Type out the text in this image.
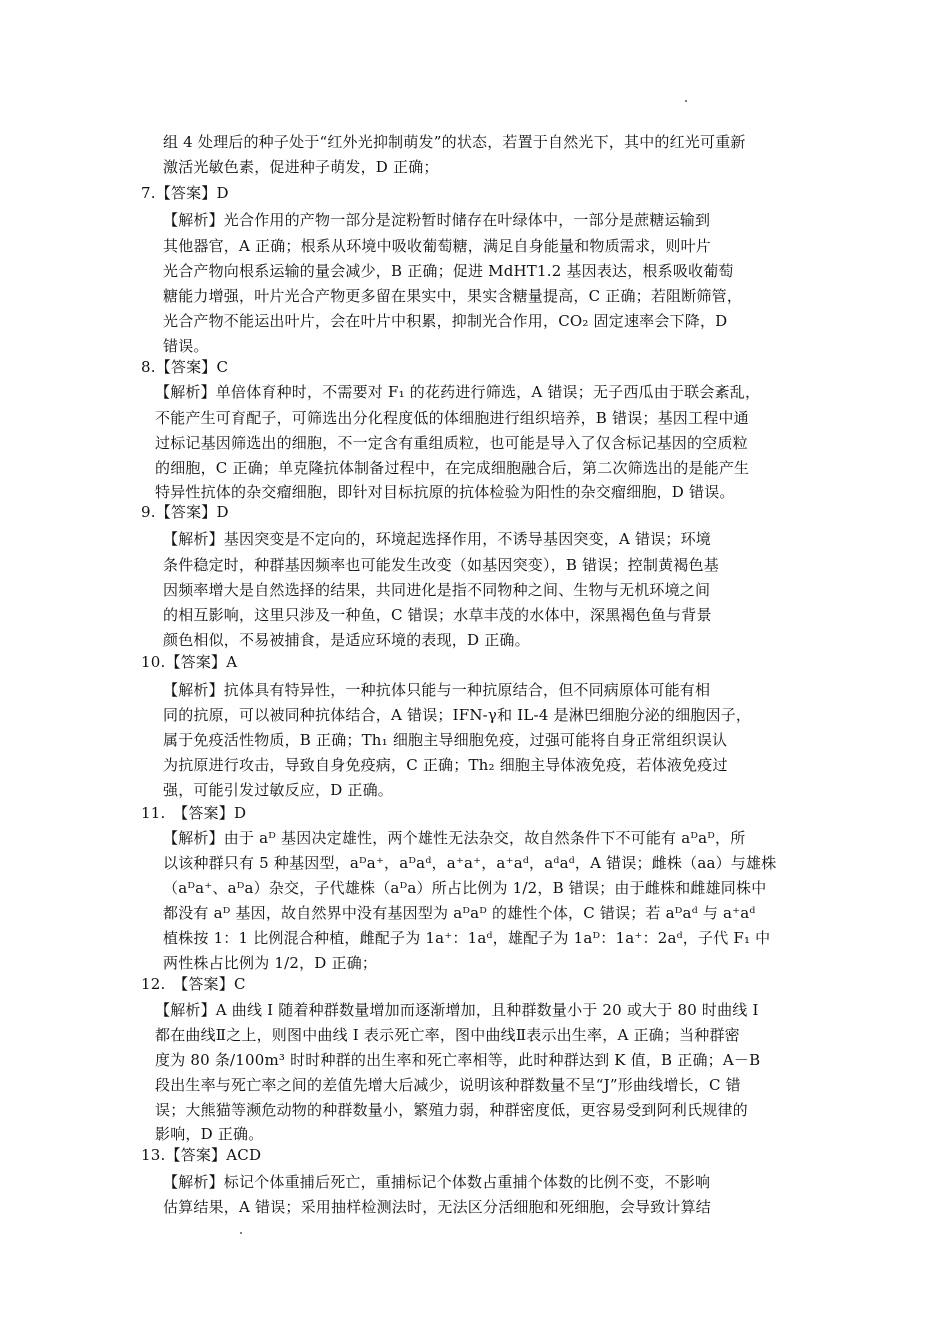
组 4 处理后的种子处于“红外光抑制萌发”的状态，若置于自然光下，其中的红光可重新
激活光敏色素，促进种子萌发，D 正确；
7.【答案】D
【解析】光合作用的产物一部分是淀粉暂时储存在叶绿体中，一部分是蔗糖运输到
其他器官，A 正确；根系从环境中吸收葡萄糖，满足自身能量和物质需求，则叶片
光合产物向根系运输的量会减少，B 正确；促进 MdHT1.2 基因表达，根系吸收葡萄
糖能力增强，叶片光合产物更多留在果实中，果实含糖量提高，C 正确；若阻断筛管，
光合产物不能运出叶片，会在叶片中积累，抑制光合作用，CO₂ 固定速率会下降，D
错误。
8.【答案】C
【解析】单倍体育种时，不需要对 F₁ 的花药进行筛选，A 错误；无子西瓜由于联会紊乱，
不能产生可育配子，可筛选出分化程度低的体细胞进行组织培养，B 错误；基因工程中通
过标记基因筛选出的细胞，不一定含有重组质粒，也可能是导入了仅含标记基因的空质粒
的细胞，C 正确；单克隆抗体制备过程中，在完成细胞融合后，第二次筛选出的是能产生
特异性抗体的杂交瘤细胞，即针对目标抗原的抗体检验为阳性的杂交瘤细胞，D 错误。
9.【答案】D
【解析】基因突变是不定向的，环境起选择作用，不诱导基因突变，A 错误；环境
条件稳定时，种群基因频率也可能发生改变（如基因突变），B 错误；控制黄褐色基
因频率增大是自然选择的结果，共同进化是指不同物种之间、生物与无机环境之间
的相互影响，这里只涉及一种鱼，C 错误；水草丰茂的水体中，深黑褐色鱼与背景
颜色相似，不易被捕食，是适应环境的表现，D 正确。
10.【答案】A
【解析】抗体具有特异性，一种抗体只能与一种抗原结合，但不同病原体可能有相
同的抗原，可以被同种抗体结合，A 错误；IFN-γ和 IL-4 是淋巴细胞分泌的细胞因子，
属于免疫活性物质，B 正确；Th₁ 细胞主导细胞免疫，过强可能将自身正常组织误认
为抗原进行攻击，导致自身免疫病，C 正确；Th₂ 细胞主导体液免疫，若体液免疫过
强，可能引发过敏反应，D 正确。
11.　【答案】D
【解析】由于 aᴰ 基因决定雄性，两个雄性无法杂交，故自然条件下不可能有 aᴰaᴰ，所
以该种群只有 5 种基因型，aᴰa⁺，aᴰaᵈ，a⁺a⁺，a⁺aᵈ，aᵈaᵈ，A 错误；雌株（aa）与雄株
（aᴰa⁺、aᴰa）杂交，子代雄株（aᴰa）所占比例为 1/2，B 错误；由于雌株和雌雄同株中
都没有 aᴰ 基因，故自然界中没有基因型为 aᴰaᴰ 的雄性个体，C 错误；若 aᴰaᵈ 与 a⁺aᵈ
植株按 1：1 比例混合种植，雌配子为 1a⁺：1aᵈ，雄配子为 1aᴰ：1a⁺：2aᵈ，子代 F₁ 中
两性株占比例为 1/2，D 正确；
12.　【答案】C
【解析】A 曲线 I 随着种群数量增加而逐渐增加，且种群数量小于 20 或大于 80 时曲线 I
都在曲线Ⅱ之上，则图中曲线 I 表示死亡率，图中曲线Ⅱ表示出生率，A 正确；当种群密
度为 80 条/100m³ 时时种群的出生率和死亡率相等，此时种群达到 K 值，B 正确；A－B
段出生率与死亡率之间的差值先增大后减少，说明该种群数量不呈“J”形曲线增长，C 错
误；大熊猫等濒危动物的种群数量小，繁殖力弱，种群密度低，更容易受到阿利氏规律的
影响，D 正确。
13.【答案】ACD
【解析】标记个体重捕后死亡，重捕标记个体数占重捕个体数的比例不变，不影响
估算结果，A 错误；采用抽样检测法时，无法区分活细胞和死细胞，会导致计算结
